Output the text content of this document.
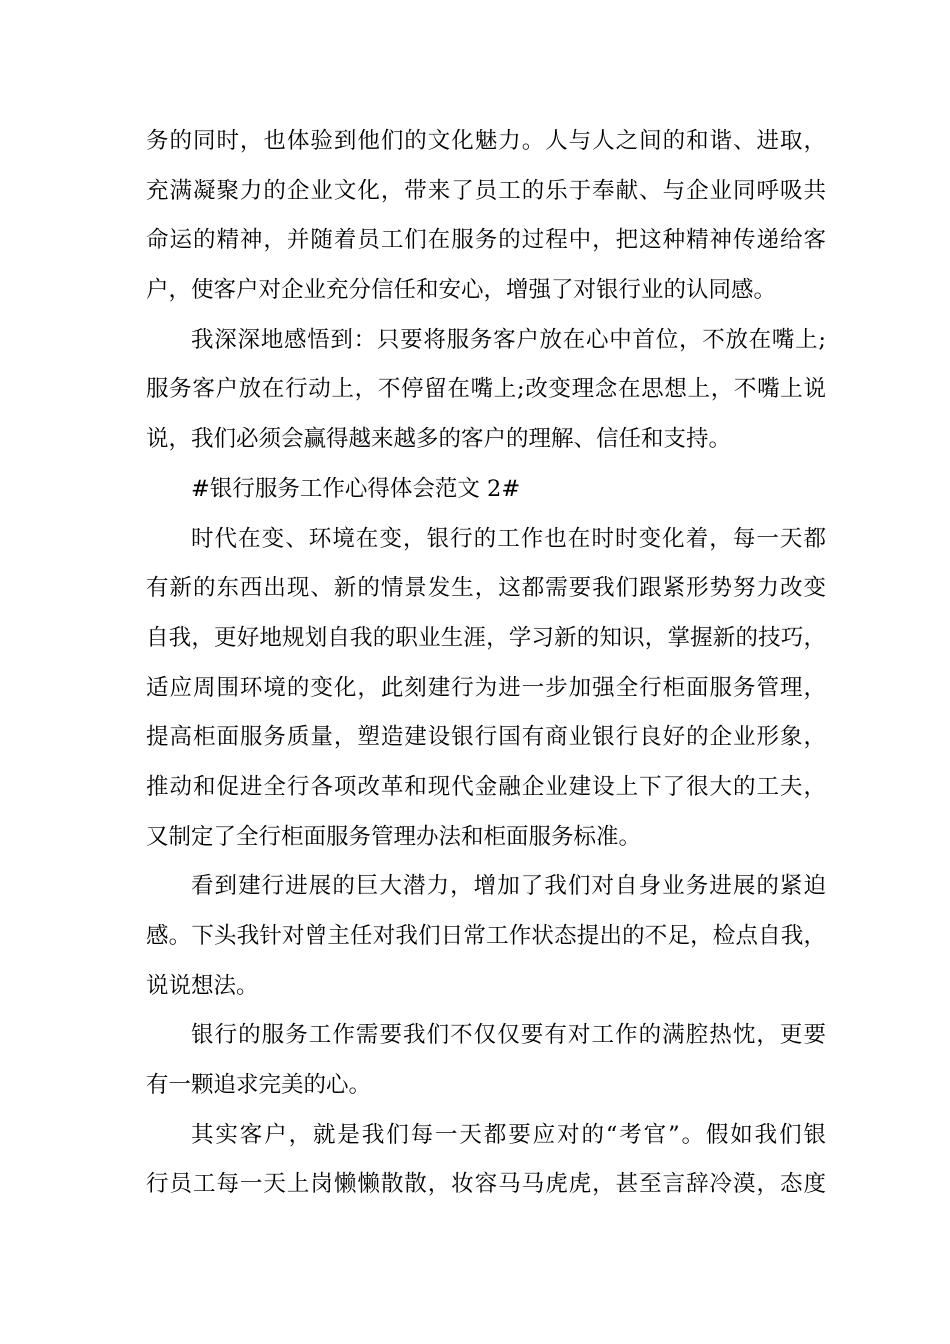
务的同时，也体验到他们的文化魅力。人与人之间的和谐、进取，
充满凝聚力的企业文化，带来了员工的乐于奉献、与企业同呼吸共
命运的精神，并随着员工们在服务的过程中，把这种精神传递给客
户，使客户对企业充分信任和安心，增强了对银行业的认同感。
我深深地感悟到：只要将服务客户放在心中首位，不放在嘴上;
服务客户放在行动上，不停留在嘴上;改变理念在思想上，不嘴上说
说，我们必须会赢得越来越多的客户的理解、信任和支持。
#银行服务工作心得体会范文 2#
时代在变、环境在变，银行的工作也在时时变化着，每一天都
有新的东西出现、新的情景发生，这都需要我们跟紧形势努力改变
自我，更好地规划自我的职业生涯，学习新的知识，掌握新的技巧，
适应周围环境的变化，此刻建行为进一步加强全行柜面服务管理，
提高柜面服务质量，塑造建设银行国有商业银行良好的企业形象，
推动和促进全行各项改革和现代金融企业建设上下了很大的工夫，
又制定了全行柜面服务管理办法和柜面服务标准。
看到建行进展的巨大潜力，增加了我们对自身业务进展的紧迫
感。下头我针对曾主任对我们日常工作状态提出的不足，检点自我，
说说想法。
银行的服务工作需要我们不仅仅要有对工作的满腔热忱，更要
有一颗追求完美的心。
其实客户，就是我们每一天都要应对的“考官”。假如我们银
行员工每一天上岗懒懒散散，妆容马马虎虎，甚至言辞冷漠，态度
